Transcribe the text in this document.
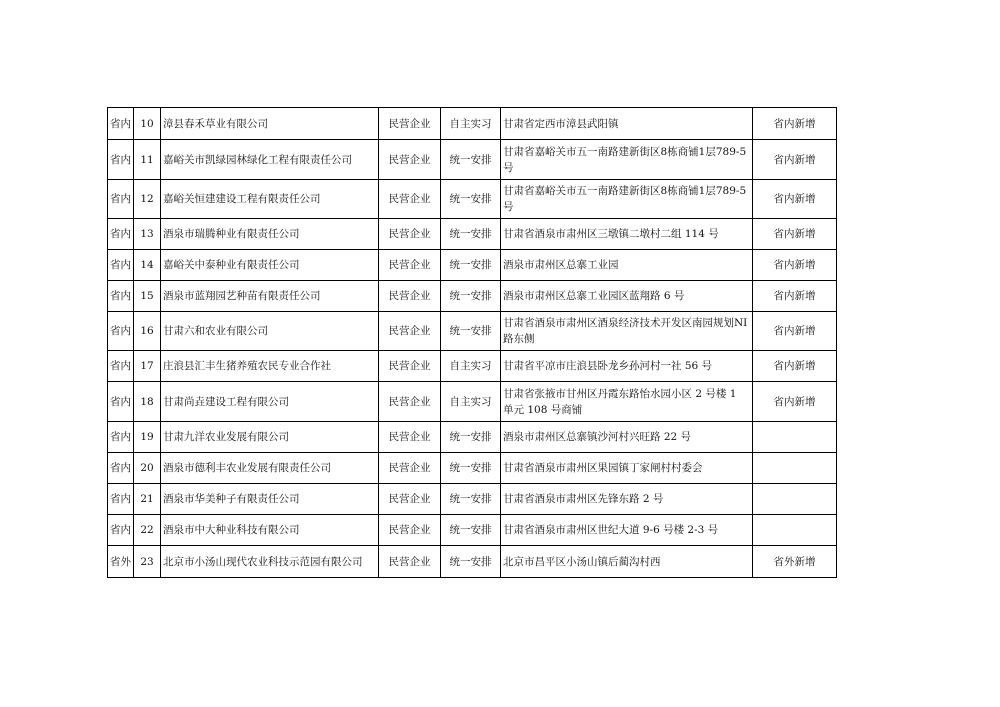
省内	10	漳县春禾草业有限公司	民营企业	自主实习	甘肃省定西市漳县武阳镇	省内新增
省内	11	嘉峪关市凯绿园林绿化工程有限责任公司	民营企业	统一安排	甘肃省嘉峪关市五一南路建新街区8栋商铺1层789-5号	省内新增
省内	12	嘉峪关恒建建设工程有限责任公司	民营企业	统一安排	甘肃省嘉峪关市五一南路建新街区8栋商铺1层789-5号	省内新增
省内	13	酒泉市瑞腾种业有限责任公司	民营企业	统一安排	甘肃省酒泉市肃州区三墩镇二墩村二组 114 号	省内新增
省内	14	嘉峪关中泰种业有限责任公司	民营企业	统一安排	酒泉市肃州区总寨工业园	省内新增
省内	15	酒泉市蓝翔园艺种苗有限责任公司	民营企业	统一安排	酒泉市肃州区总寨工业园区蓝翔路 6 号	省内新增
省内	16	甘肃六和农业有限公司	民营企业	统一安排	甘肃省酒泉市肃州区酒泉经济技术开发区南园规划NI路东侧	省内新增
省内	17	庄浪县汇丰生猪养殖农民专业合作社	民营企业	自主实习	甘肃省平凉市庄浪县卧龙乡孙河村一社 56 号	省内新增
省内	18	甘肃尚垚建设工程有限公司	民营企业	自主实习	甘肃省张掖市甘州区丹霞东路怡水园小区 2 号楼 1 单元 108 号商铺	省内新增
省内	19	甘肃九洋农业发展有限公司	民营企业	统一安排	酒泉市肃州区总寨镇沙河村兴旺路 22 号	
省内	20	酒泉市德利丰农业发展有限责任公司	民营企业	统一安排	甘肃省酒泉市肃州区果园镇丁家闸村村委会	
省内	21	酒泉市华美种子有限责任公司	民营企业	统一安排	甘肃省酒泉市肃州区先锋东路 2 号	
省内	22	酒泉市中大种业科技有限公司	民营企业	统一安排	甘肃省酒泉市肃州区世纪大道 9-6 号楼 2-3 号	
省外	23	北京市小汤山现代农业科技示范园有限公司	民营企业	统一安排	北京市昌平区小汤山镇后蔺沟村西	省外新增
